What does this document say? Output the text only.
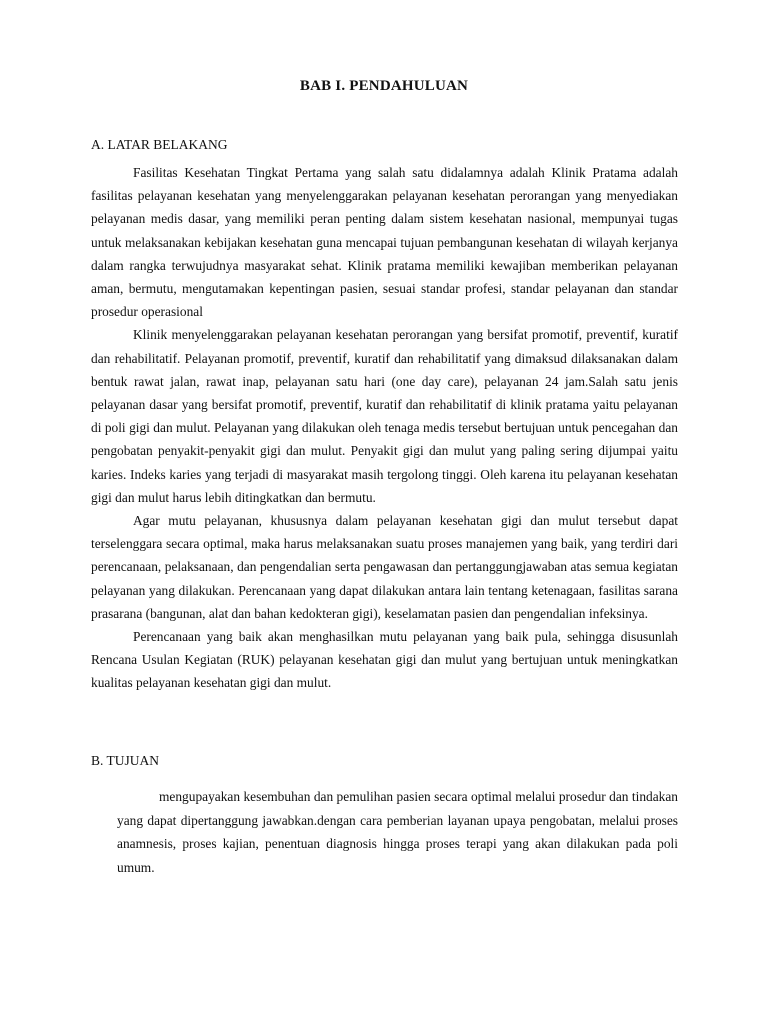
BAB I. PENDAHULUAN
A. LATAR BELAKANG

Fasilitas Kesehatan Tingkat Pertama yang salah satu didalamnya adalah Klinik Pratama adalah fasilitas pelayanan kesehatan yang menyelenggarakan pelayanan kesehatan perorangan yang menyediakan pelayanan medis dasar, yang memiliki peran penting dalam sistem kesehatan nasional, mempunyai tugas untuk melaksanakan kebijakan kesehatan guna mencapai tujuan pembangunan kesehatan di wilayah kerjanya dalam rangka terwujudnya masyarakat sehat. Klinik pratama memiliki kewajiban memberikan pelayanan aman, bermutu, mengutamakan kepentingan pasien, sesuai standar profesi, standar pelayanan dan standar prosedur operasional

Klinik menyelenggarakan pelayanan kesehatan perorangan yang bersifat promotif, preventif, kuratif dan rehabilitatif. Pelayanan promotif, preventif, kuratif dan rehabilitatif yang dimaksud dilaksanakan dalam bentuk rawat jalan, rawat inap, pelayanan satu hari (one day care), pelayanan 24 jam.Salah satu jenis pelayanan dasar yang bersifat promotif, preventif, kuratif dan rehabilitatif di klinik pratama yaitu pelayanan di poli gigi dan mulut. Pelayanan yang dilakukan oleh tenaga medis tersebut bertujuan untuk pencegahan dan pengobatan penyakit-penyakit gigi dan mulut. Penyakit gigi dan mulut yang paling sering dijumpai yaitu karies. Indeks karies yang terjadi di masyarakat masih tergolong tinggi. Oleh karena itu pelayanan kesehatan gigi dan mulut harus lebih ditingkatkan dan bermutu.

Agar mutu pelayanan, khususnya dalam pelayanan kesehatan gigi dan mulut tersebut dapat terselenggara secara optimal, maka harus melaksanakan suatu proses manajemen yang baik, yang terdiri dari perencanaan, pelaksanaan, dan pengendalian serta pengawasan dan pertanggungjawaban atas semua kegiatan pelayanan yang dilakukan. Perencanaan yang dapat dilakukan antara lain tentang ketenagaan, fasilitas sarana prasarana (bangunan, alat dan bahan kedokteran gigi), keselamatan pasien dan pengendalian infeksinya.

Perencanaan yang baik akan menghasilkan mutu pelayanan yang baik pula, sehingga disusunlah Rencana Usulan Kegiatan (RUK) pelayanan kesehatan gigi dan mulut yang bertujuan untuk meningkatkan kualitas pelayanan kesehatan gigi dan mulut.

B. TUJUAN

mengupayakan kesembuhan dan pemulihan pasien secara optimal melalui prosedur dan tindakan yang dapat dipertanggung jawabkan.dengan cara pemberian layanan upaya pengobatan, melalui proses anamnesis, proses kajian, penentuan diagnosis hingga proses terapi yang akan dilakukan pada poli umum.
